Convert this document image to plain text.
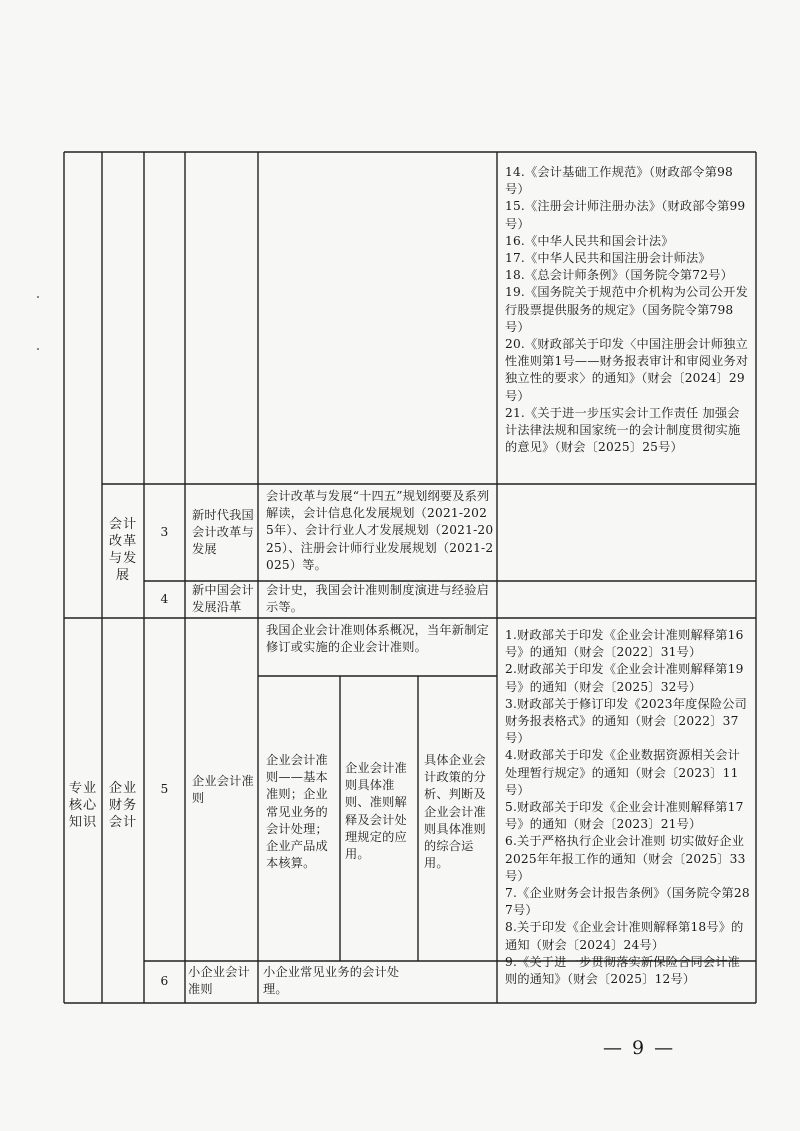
14.《会计基础工作规范》（财政部令第98号）
15.《注册会计师注册办法》（财政部令第99号）
16.《中华人民共和国会计法》
17.《中华人民共和国注册会计师法》
18.《总会计师条例》（国务院令第72号）
19.《国务院关于规范中介机构为公司公开发行股票提供服务的规定》（国务院令第798号）
20.《财政部关于印发〈中国注册会计师独立性准则第1号——财务报表审计和审阅业务对独立性的要求〉的通知》（财会〔2024〕29号）
21.《关于进一步压实会计工作责任 加强会计法律法规和国家统一的会计制度贯彻实施的意见》（财会〔2025〕25号）
会计改革与发展
3
新时代我国会计改革与发展
会计改革与发展“十四五”规划纲要及系列解读，会计信息化发展规划（2021-2025年）、会计行业人才发展规划（2021-2025）、注册会计师行业发展规划（2021-2025）等。
4
新中国会计发展沿革
会计史，我国会计准则制度演进与经验启示等。
专业核心知识
企业财务会计
5
企业会计准则
我国企业会计准则体系概况，当年新制定修订或实施的企业会计准则。
企业会计准则——基本准则；企业常见业务的会计处理；企业产品成本核算。
企业会计准则具体准则、准则解释及会计处理规定的应用。
具体企业会计政策的分析、判断及企业会计准则具体准则的综合运用。
1.财政部关于印发《企业会计准则解释第16号》的通知（财会〔2022〕31号）
2.财政部关于印发《企业会计准则解释第19号》的通知（财会〔2025〕32号）
3.财政部关于修订印发《2023年度保险公司财务报表格式》的通知（财会〔2022〕37号）
4.财政部关于印发《企业数据资源相关会计处理暂行规定》的通知（财会〔2023〕11号）
5.财政部关于印发《企业会计准则解释第17号》的通知（财会〔2023〕21号）
6.关于严格执行企业会计准则 切实做好企业2025年年报工作的通知（财会〔2025〕33号）
7.《企业财务会计报告条例》（国务院令第287号）
8.关于印发《企业会计准则解释第18号》的通知（财会〔2024〕24号）
9.《关于进一步贯彻落实新保险合同会计准则的通知》（财会〔2025〕12号）
6
小企业会计准则
小企业常见业务的会计处理。
— 9 —
